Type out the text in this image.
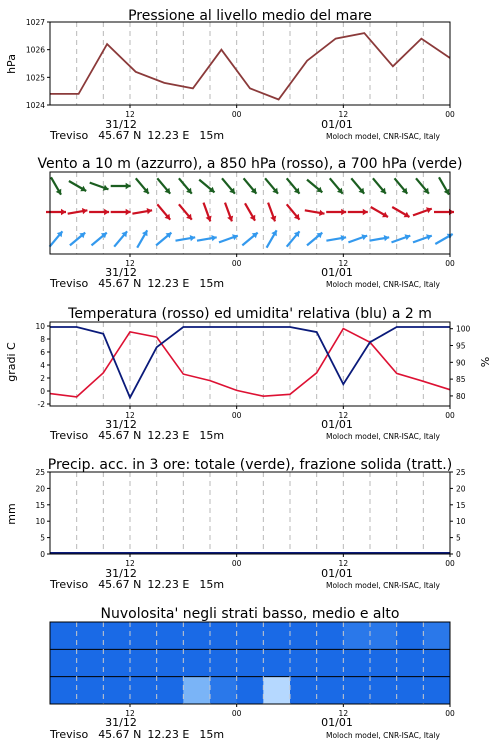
Pressione al livello medio del mare
hPa
1024
1025
1026
1027
12	00	12	00
31/12	01/01
Treviso 45.67 N 12.23 E 15m	Moloch model, CNR-ISAC, Italy
Vento a 10 m (azzurro), a 850 hPa (rosso), a 700 hPa (verde)
12	00	12	00
31/12	01/01
Treviso 45.67 N 12.23 E 15m	Moloch model, CNR-ISAC, Italy
Temperatura (rosso) ed umidita' relativa (blu) a 2 m
gradi C	%
-2
0
2
4
6
8
10
80
85
90
95
100
12	00	12	00
31/12	01/01
Treviso 45.67 N 12.23 E 15m	Moloch model, CNR-ISAC, Italy
Precip. acc. in 3 ore: totale (verde), frazione solida (tratt.)
mm
0
5
10
15
20
25
0
5
10
15
20
25
12	00	12	00
31/12	01/01
Treviso 45.67 N 12.23 E 15m	Moloch model, CNR-ISAC, Italy
Nuvolosita' negli strati basso, medio e alto
12	00	12	00
31/12	01/01
Treviso 45.67 N 12.23 E 15m	Moloch model, CNR-ISAC, Italy
